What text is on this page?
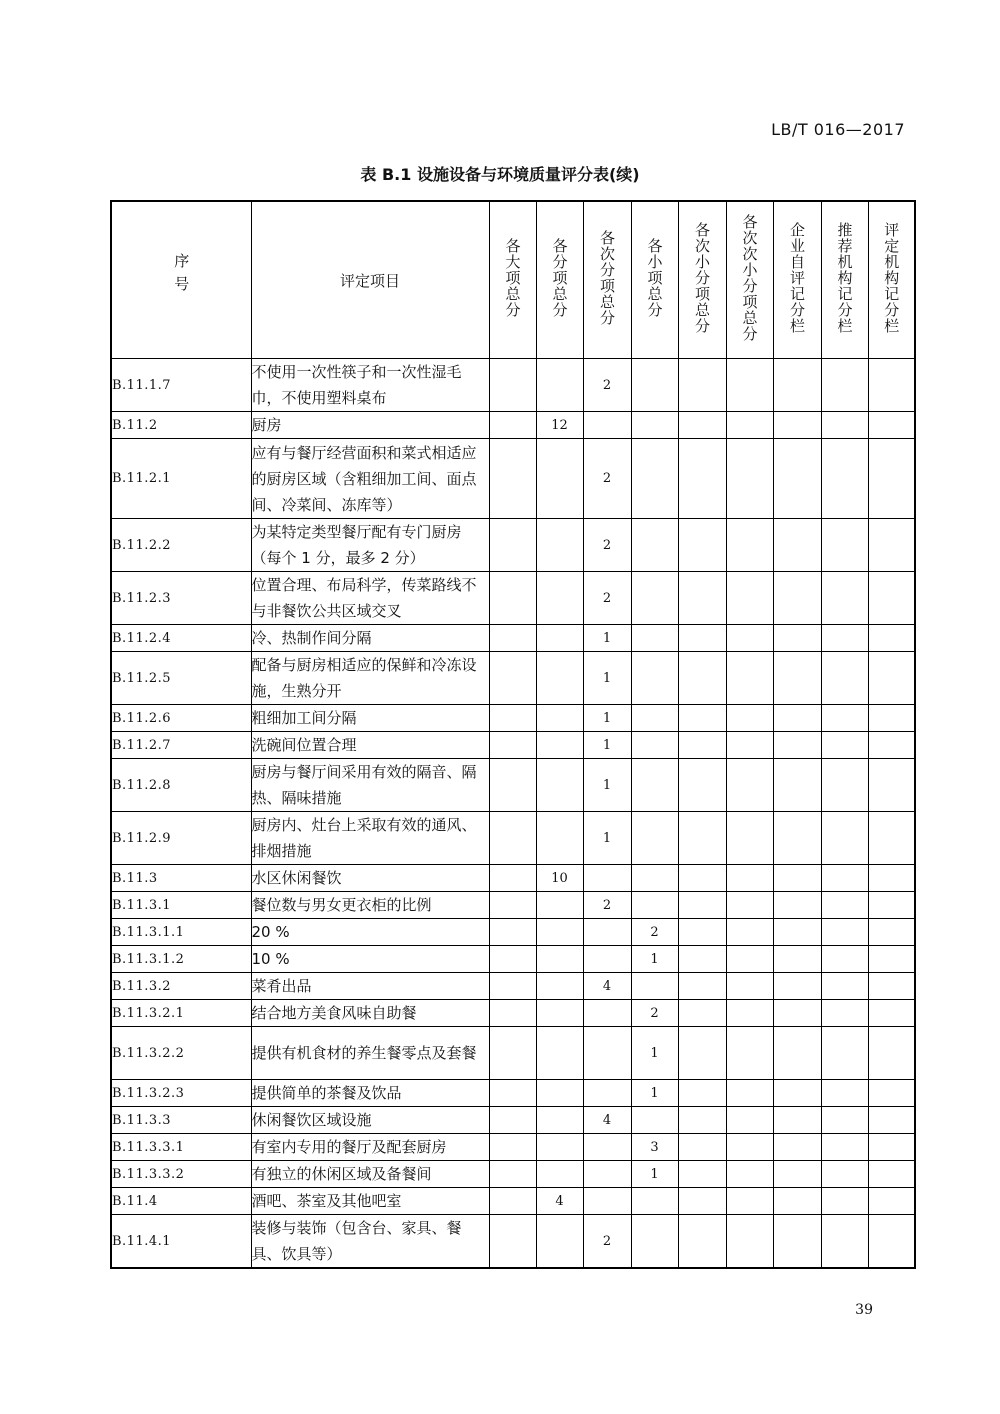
LB/T 016—2017
表 B.1 设施设备与环境质量评分表(续)
序号	评定项目	各大项总分	各分项总分	各次分项总分	各小项总分	各次小分项总分	各次次小分项总分	企业自评记分栏	推荐机构记分栏	评定机构记分栏
B.11.1.7	不使用一次性筷子和一次性湿毛巾，不使用塑料桌布			2						
B.11.2	厨房		12							
B.11.2.1	应有与餐厅经营面积和菜式相适应的厨房区域（含粗细加工间、面点间、冷菜间、冻库等）			2						
B.11.2.2	为某特定类型餐厅配有专门厨房（每个 1 分，最多 2 分）			2						
B.11.2.3	位置合理、布局科学，传菜路线不与非餐饮公共区域交叉			2						
B.11.2.4	冷、热制作间分隔			1						
B.11.2.5	配备与厨房相适应的保鲜和冷冻设施，生熟分开			1						
B.11.2.6	粗细加工间分隔			1						
B.11.2.7	洗碗间位置合理			1						
B.11.2.8	厨房与餐厅间采用有效的隔音、隔热、隔味措施			1						
B.11.2.9	厨房内、灶台上采取有效的通风、排烟措施			1						
B.11.3	水区休闲餐饮		10							
B.11.3.1	餐位数与男女更衣柜的比例			2						
B.11.3.1.1	20 %				2					
B.11.3.1.2	10 %				1					
B.11.3.2	菜肴出品			4						
B.11.3.2.1	结合地方美食风味自助餐				2					
B.11.3.2.2	提供有机食材的养生餐零点及套餐				1					
B.11.3.2.3	提供简单的茶餐及饮品				1					
B.11.3.3	休闲餐饮区域设施			4						
B.11.3.3.1	有室内专用的餐厅及配套厨房				3					
B.11.3.3.2	有独立的休闲区域及备餐间				1					
B.11.4	酒吧、茶室及其他吧室		4							
B.11.4.1	装修与装饰（包含台、家具、餐具、饮具等）			2						
39
